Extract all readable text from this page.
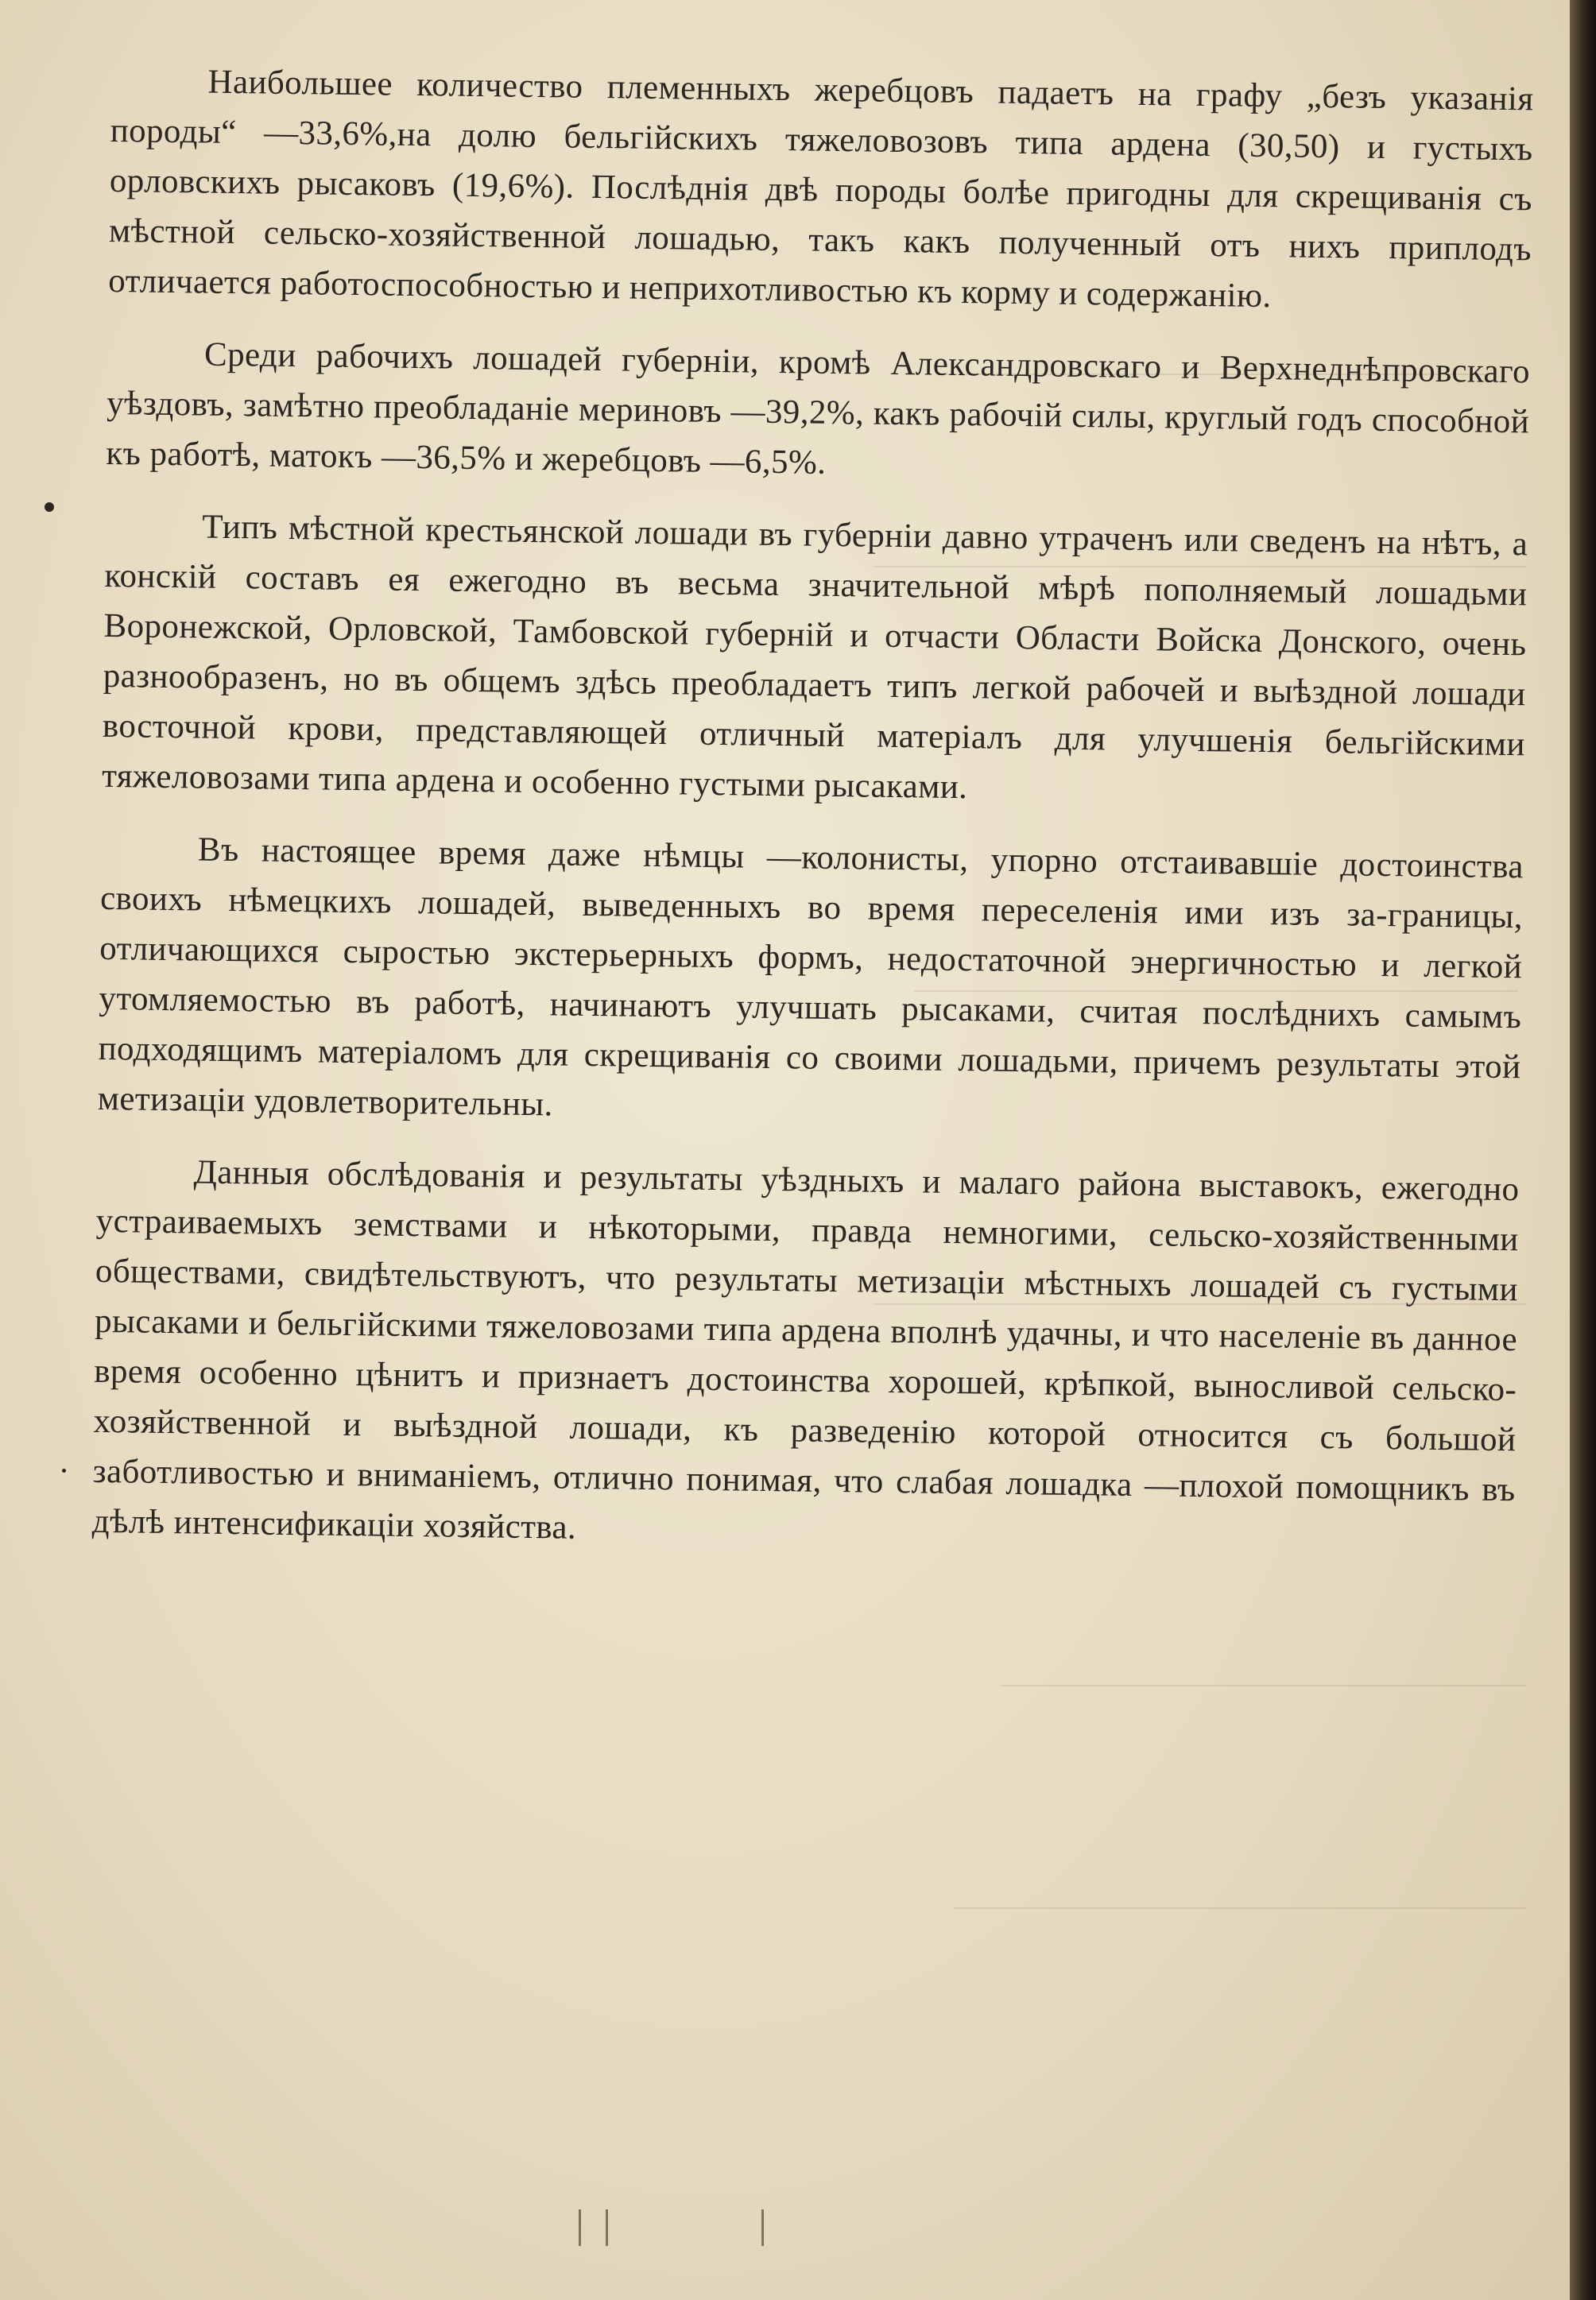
Наибольшее количество племенныхъ жеребцовъ падаетъ на графу „безъ указанія породы“ —33,6%,на долю бельгійскихъ тяжеловозовъ типа ардена (30,50) и густыхъ орловскихъ рысаковъ (19,6%). Послѣднія двѣ породы болѣе пригодны для скрещиванія съ мѣстной сельско-хозяйственной лошадью, такъ какъ полученный отъ нихъ приплодъ отличается работоспособностью и неприхотливостью къ корму и содержанію.

Среди рабочихъ лошадей губерніи, кромѣ Александровскаго и Верхнеднѣпровскаго уѣздовъ, замѣтно преобладаніе мериновъ —39,2%, какъ рабочій силы, круглый годъ способной къ работѣ, матокъ —36,5% и жеребцовъ —6,5%.

Типъ мѣстной крестьянской лошади въ губерніи давно утраченъ или сведенъ на нѣтъ, а конскій составъ ея ежегодно въ весьма значительной мѣрѣ пополняемый лошадьми Воронежской, Орловской, Тамбовской губерній и отчасти Области Войска Донского, очень разнообразенъ, но въ общемъ здѣсь преобладаетъ типъ легкой рабочей и выѣздной лошади восточной крови, представляющей отличный матеріалъ для улучшенія бельгійскими тяжеловозами типа ардена и особенно густыми рысаками.

Въ настоящее время даже нѣмцы —колонисты, упорно отстаивавшіе достоинства своихъ нѣмецкихъ лошадей, выведенныхъ во время переселенія ими изъ за-границы, отличающихся сыростью экстерьерныхъ формъ, недостаточной энергичностью и легкой утомляемостью въ работѣ, начинаютъ улучшать рысаками, считая послѣднихъ самымъ подходящимъ матеріаломъ для скрещиванія со своими лошадьми, причемъ результаты этой метизаціи удовлетворительны.

Данныя обслѣдованія и результаты уѣздныхъ и малаго района выставокъ, ежегодно устраиваемыхъ земствами и нѣкоторыми, правда немногими, сельско-хозяйственными обществами, свидѣтельствуютъ, что результаты метизаціи мѣстныхъ лошадей съ густыми рысаками и бельгійскими тяжеловозами типа ардена вполнѣ удачны, и что населеніе въ данное время особенно цѣнитъ и признаетъ достоинства хорошей, крѣпкой, выносливой сельско-хозяйственной и выѣздной лошади, къ разведенію которой относится съ большой заботливостью и вниманіемъ, отлично понимая, что слабая лошадка —плохой помощникъ въ дѣлѣ интенсификаціи хозяйства.
